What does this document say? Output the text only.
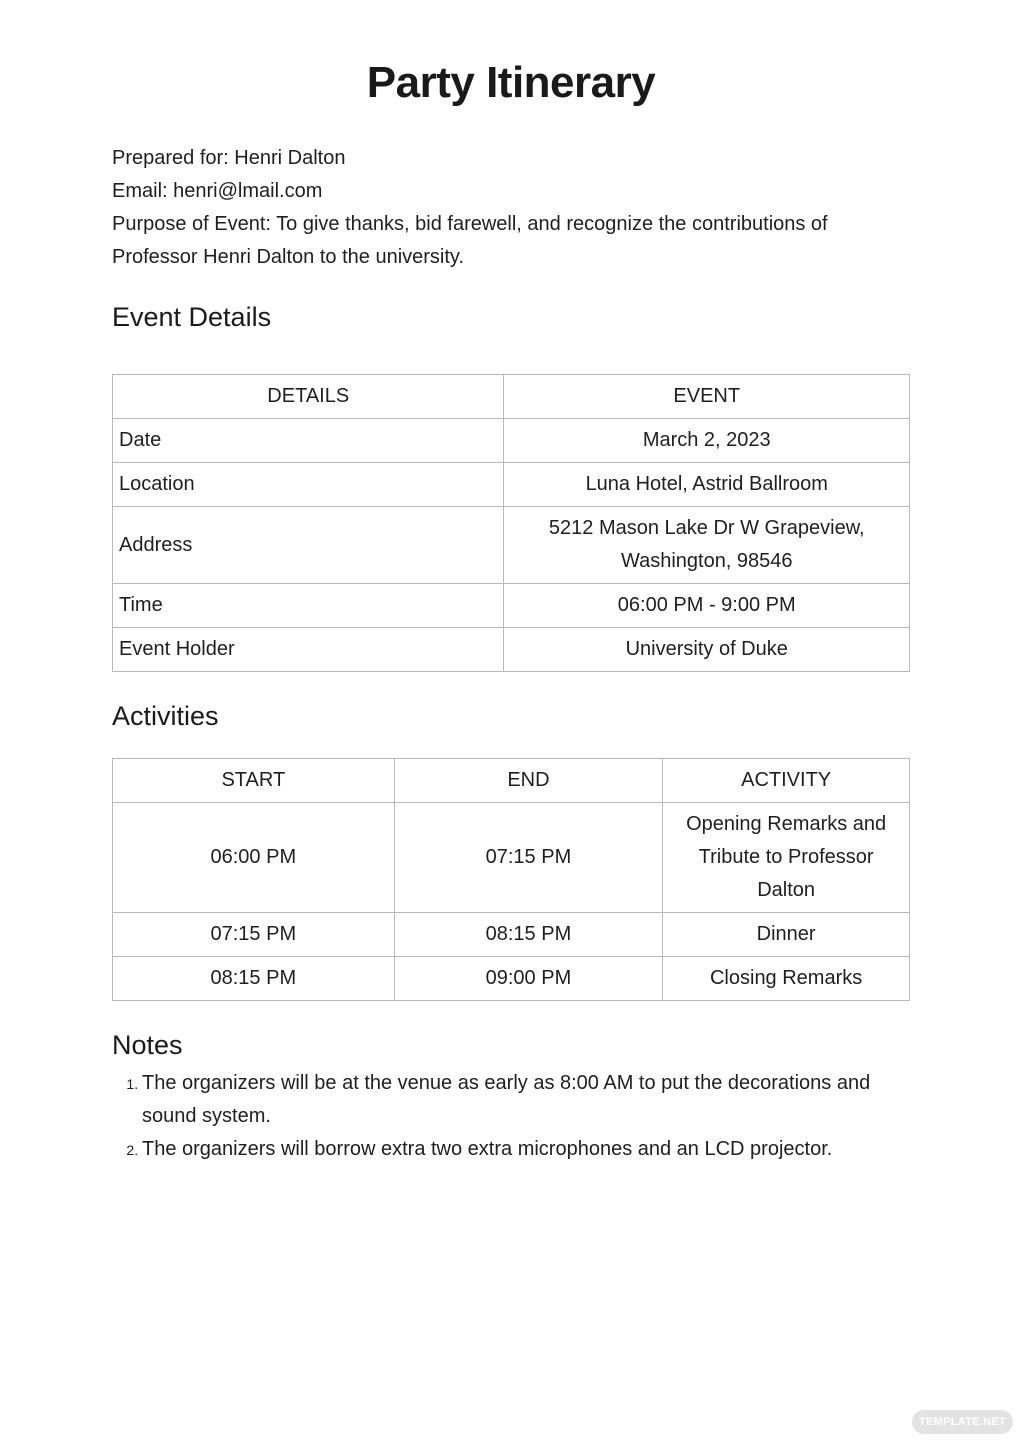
Party Itinerary

Prepared for: Henri Dalton

Email: henri@lmail.com

Purpose of Event: To give thanks, bid farewell, and recognize the contributions of Professor Henri Dalton to the university.

Event Details
DETAILS	EVENT
Date	March 2, 2023
Location	Luna Hotel, Astrid Ballroom
Address	5212 Mason Lake Dr W Grapeview, Washington, 98546
Time	06:00 PM - 9:00 PM
Event Holder	University of Duke
Activities
START	END	ACTIVITY
06:00 PM	07:15 PM	Opening Remarks and Tribute to Professor Dalton
07:15 PM	08:15 PM	Dinner
08:15 PM	09:00 PM	Closing Remarks
Notes
1. The organizers will be at the venue as early as 8:00 AM to put the decorations and sound system.
2. The organizers will borrow extra two extra microphones and an LCD projector.
TEMPLATE.NET
